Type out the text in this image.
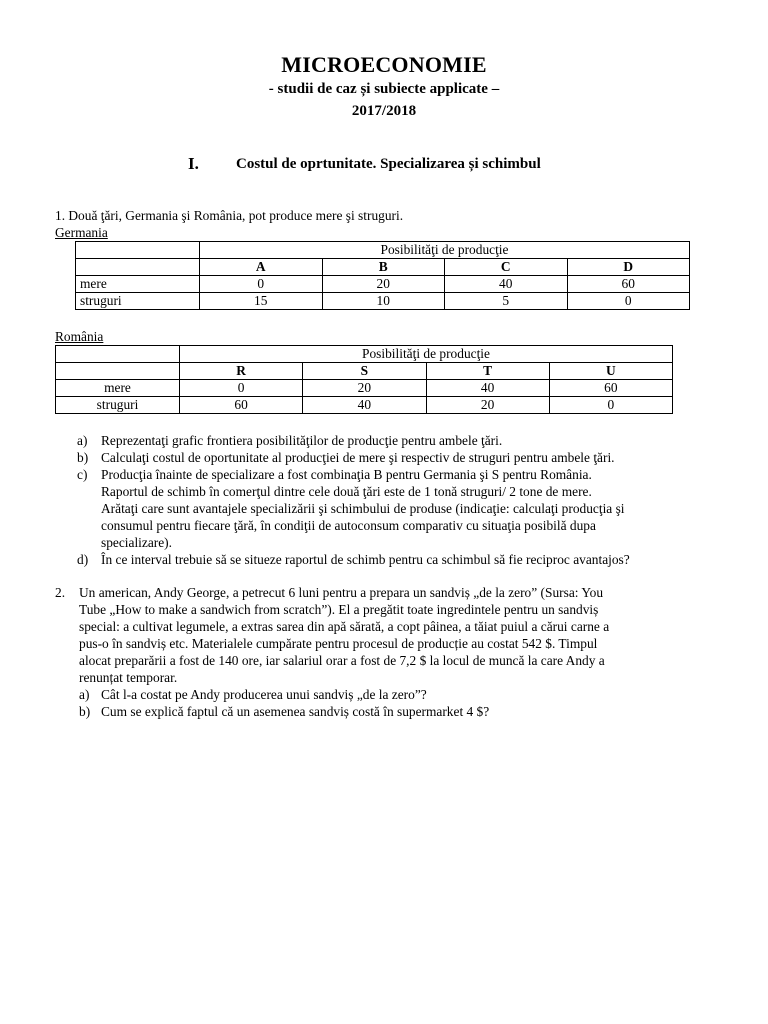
MICROECONOMIE
- studii de caz și subiecte applicate –
2017/2018
I. Costul de oprtunitate. Specializarea și schimbul
1. Două ţări, Germania şi România, pot produce mere şi struguri.
Germania
	Posibilităţi de producţie			
	A	B	C	D
mere	0	20	40	60
struguri	15	10	5	0
România
	Posibilităţi de producţie			
	R	S	T	U
mere	0	20	40	60
struguri	60	40	20	0
a) Reprezentaţi grafic frontiera posibilităţilor de producţie pentru ambele ţări.
b) Calculaţi costul de oportunitate al producţiei de mere şi respectiv de struguri pentru ambele ţări.
c) Producţia înainte de specializare a fost combinaţia B pentru Germania şi S pentru România.
Raportul de schimb în comerţul dintre cele două ţări este de 1 tonă struguri/ 2 tone de mere.
Arătaţi care sunt avantajele specializării şi schimbului de produse (indicaţie: calculaţi producţia şi
consumul pentru fiecare ţără, în condiţii de autoconsum comparativ cu situaţia posibilă dupa
specializare).
d) În ce interval trebuie să se situeze raportul de schimb pentru ca schimbul să fie reciproc avantajos?
2. Un american, Andy George, a petrecut 6 luni pentru a prepara un sandviș „de la zero” (Sursa: You
Tube „How to make a sandwich from scratch”). El a pregătit toate ingredintele pentru un sandviș
special: a cultivat legumele, a extras sarea din apă sărată, a copt pâinea, a tăiat puiul a cărui carne a
pus-o în sandviș etc. Materialele cumpărate pentru procesul de producție au costat 542 $. Timpul
alocat preparării a fost de 140 ore, iar salariul orar a fost de 7,2 $ la locul de muncă la care Andy a
renunțat temporar.
a) Cât l-a costat pe Andy producerea unui sandviș „de la zero”?
b) Cum se explică faptul că un asemenea sandviș costă în supermarket 4 $?
